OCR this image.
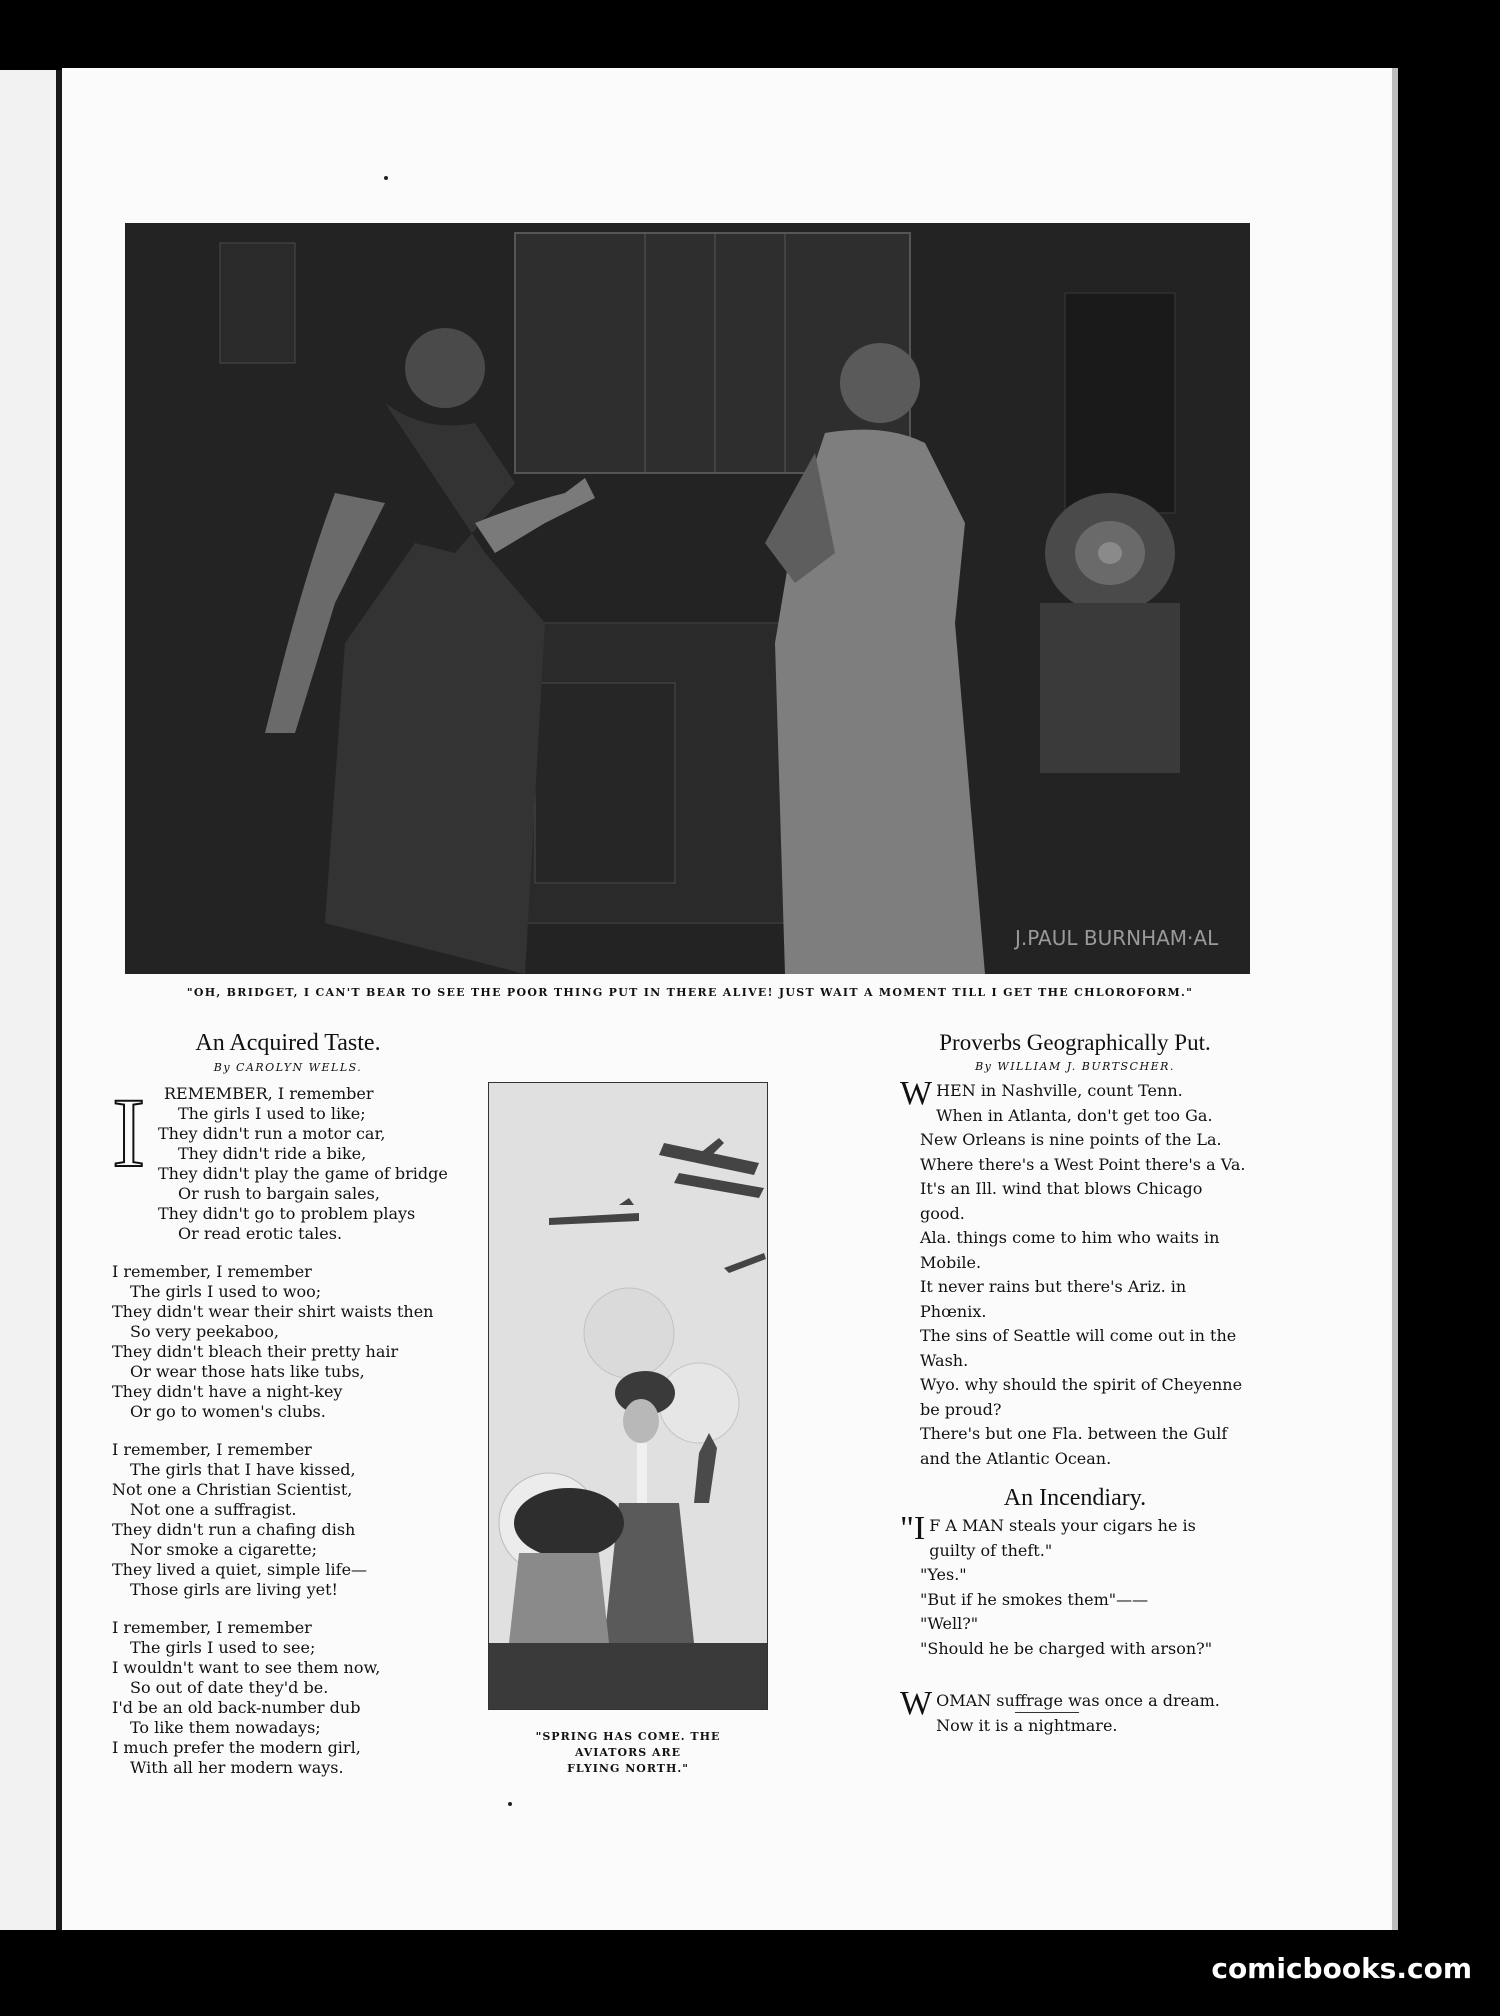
J.PAUL BURNHAM·AL
"OH, BRIDGET, I CAN'T BEAR TO SEE THE POOR THING PUT IN THERE ALIVE! JUST WAIT A MOMENT TILL I GET THE CHLOROFORM."
An Acquired Taste.
By CAROLYN WELLS.
I	REMEMBER, I remember
The girls I used to like;
They didn't run a motor car,
They didn't ride a bike,
They didn't play the game of bridge
Or rush to bargain sales,
They didn't go to problem plays
Or read erotic tales.
I remember, I remember
The girls I used to woo;
They didn't wear their shirt waists then
So very peekaboo,
They didn't bleach their pretty hair
Or wear those hats like tubs,
They didn't have a night-key
Or go to women's clubs.
I remember, I remember
The girls that I have kissed,
Not one a Christian Scientist,
Not one a suffragist.
They didn't run a chafing dish
Nor smoke a cigarette;
They lived a quiet, simple life—
Those girls are living yet!
I remember, I remember
The girls I used to see;
I wouldn't want to see them now,
So out of date they'd be.
I'd be an old back-number dub
To like them nowadays;
I much prefer the modern girl,
With all her modern ways.
"SPRING HAS COME. THE AVIATORS ARE
FLYING NORTH."
Proverbs Geographically Put.
By WILLIAM J. BURTSCHER.
W HEN in Nashville, count Tenn.
When in Atlanta, don't get too Ga.
New Orleans is nine points of the La.
Where there's a West Point there's a Va.
It's an Ill. wind that blows Chicago good.
Ala. things come to him who waits in Mobile.
It never rains but there's Ariz. in Phœnix.
The sins of Seattle will come out in the Wash.
Wyo. why should the spirit of Cheyenne be proud?
There's but one Fla. between the Gulf and the Atlantic Ocean.
An Incendiary.
"I F A MAN steals your cigars he is
guilty of theft."
"Yes."
"But if he smokes them"——
"Well?"
"Should he be charged with arson?"
W OMAN suffrage was once a dream.
Now it is a nightmare.
comicbooks.com
